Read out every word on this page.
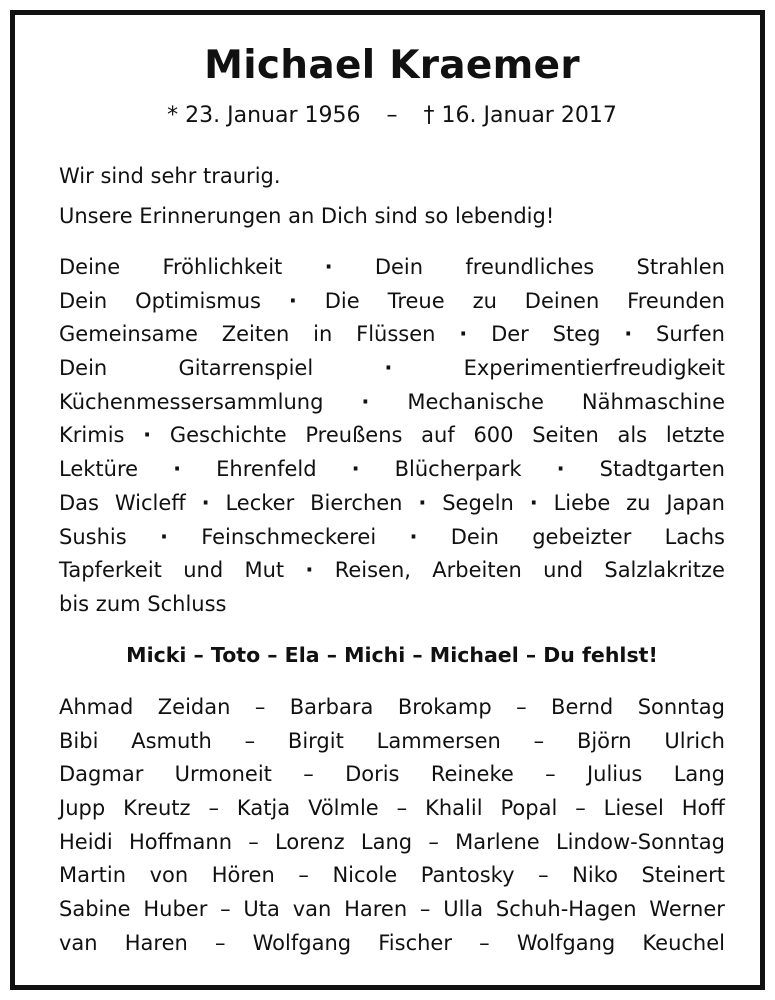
Michael Kraemer
* 23. Januar 1956 – † 16. Januar 2017
Wir sind sehr traurig.
Unsere Erinnerungen an Dich sind so lebendig!
Deine Fröhlichkeit · Dein freundliches Strahlen
Dein Optimismus · Die Treue zu Deinen Freunden
Gemeinsame Zeiten in Flüssen · Der Steg · Surfen
Dein	Gitarrenspiel	·	Experimentierfreudigkeit
Küchenmessersammlung · Mechanische Nähmaschine
Krimis · Geschichte Preußens auf 600 Seiten als letzte
Lektüre · Ehrenfeld · Blücherpark · Stadtgarten
Das Wicleff · Lecker Bierchen · Segeln · Liebe zu Japan
Sushis · Feinschmeckerei · Dein gebeizter Lachs
Tapferkeit und Mut · Reisen, Arbeiten und Salzlakritze
bis zum Schluss
Micki – Toto – Ela – Michi – Michael – Du fehlst!
Ahmad Zeidan – Barbara Brokamp – Bernd Sonntag
Bibi Asmuth – Birgit Lammersen – Björn Ulrich
Dagmar Urmoneit – Doris Reineke – Julius Lang
Jupp Kreutz – Katja Völmle – Khalil Popal – Liesel Hoff
Heidi Hoffmann – Lorenz Lang – Marlene Lindow-Sonntag
Martin von Hören – Nicole Pantosky – Niko Steinert
Sabine Huber – Uta van Haren – Ulla Schuh-Hagen Werner
van Haren – Wolfgang Fischer – Wolfgang Keuchel
